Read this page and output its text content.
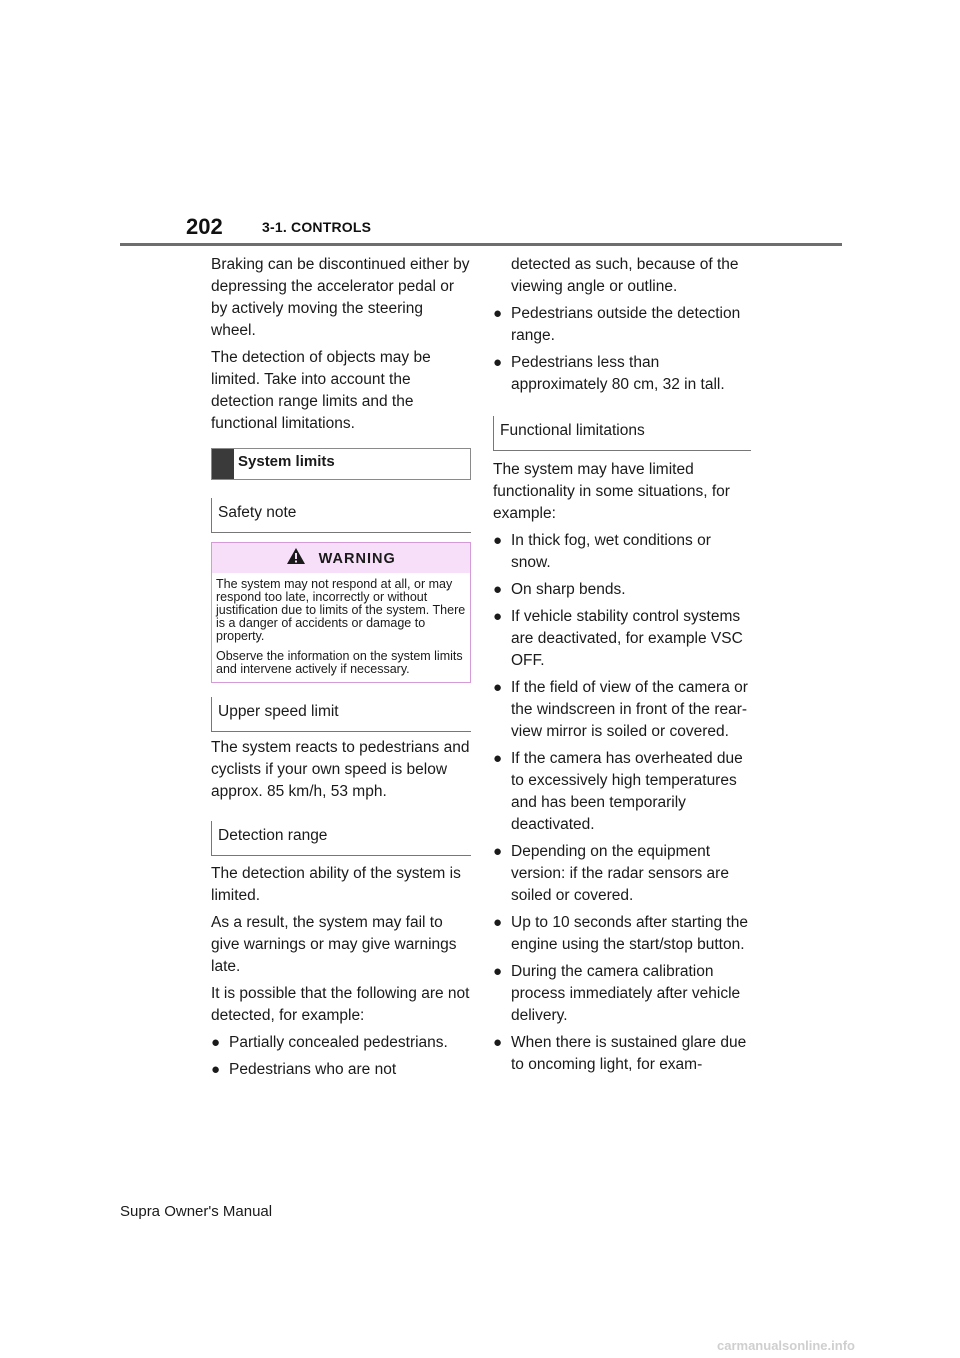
202	3-1. CONTROLS

Braking can be discontinued either by depressing the accelerator pedal or by actively moving the steering wheel.

The detection of objects may be limited. Take into account the detection range limits and the functional limitations.

System limits
Safety note
WARNING

The system may not respond at all, or may respond too late, incorrectly or without justification due to limits of the system. There is a danger of accidents or damage to property.

Observe the information on the system limits and intervene actively if necessary.

Upper speed limit

The system reacts to pedestrians and cyclists if your own speed is below approx. 85 km/h, 53 mph.

Detection range

The detection ability of the system is limited.

As a result, the system may fail to give warnings or may give warnings late.

It is possible that the following are not detected, for example:

● Partially concealed pedestrians.
● Pedestrians who are not

detected as such, because of the viewing angle or outline.

● Pedestrians outside the detection range.
● Pedestrians less than approximately 80 cm, 32 in tall.
Functional limitations

The system may have limited functionality in some situations, for example:

● In thick fog, wet conditions or snow.
● On sharp bends.
● If vehicle stability control systems are deactivated, for example VSC OFF.
● If the field of view of the camera or the windscreen in front of the rear-view mirror is soiled or covered.
● If the camera has overheated due to excessively high temperatures and has been temporarily deactivated.
● Depending on the equipment version: if the radar sensors are soiled or covered.
● Up to 10 seconds after starting the engine using the start/stop button.
● During the camera calibration process immediately after vehicle delivery.
● When there is sustained glare due to oncoming light, for exam-
Supra Owner's Manual
carmanualsonline.info
